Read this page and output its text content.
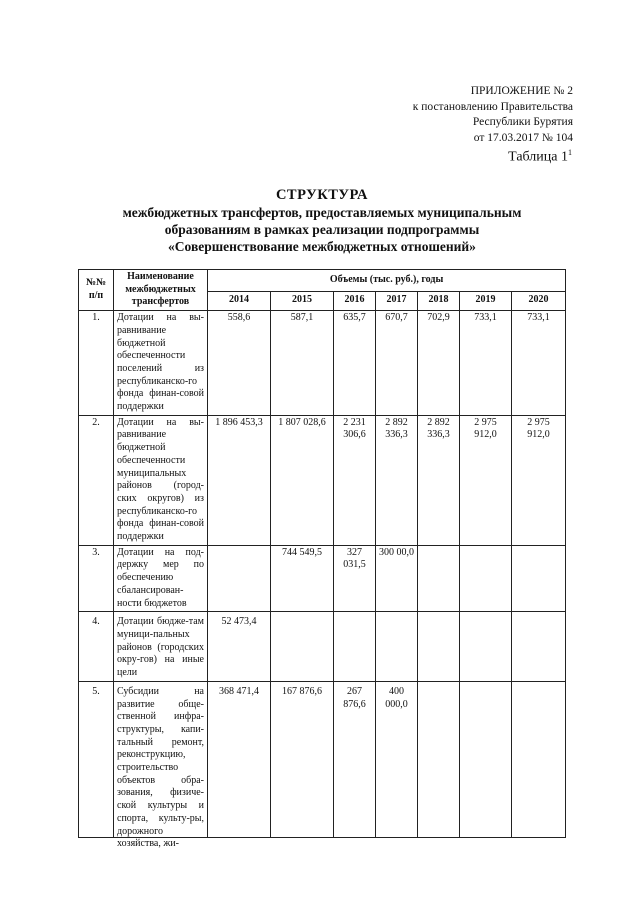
ПРИЛОЖЕНИЕ № 2
к постановлению Правительства
Республики Бурятия
от 17.03.2017 № 104
Таблица $1^1$
СТРУКТУРА
межбюджетных трансфертов, предоставляемых муниципальным
образованиям в рамках реализации подпрограммы
«Совершенствование межбюджетных отношений»
№№ п/п	Наименование межбюджетных трансфертов	Объемы (тыс. руб.), годы						
		2014	2015	2016	2017	2018	2019	2020
1.	Дотации на вы-равнивание бюджетной обеспеченности поселений из республиканско-го фонда финан-совой поддержки	558,6	587,1	635,7	670,7	702,9	733,1	733,1
2.	Дотации на вы-равнивание бюджетной обеспеченности муниципальных районов (город-ских округов) из республиканско-го фонда финан-совой поддержки	1 896 453,3	1 807 028,6	2 231 306,6	2 892 336,3	2 892 336,3	2 975 912,0	2 975 912,0
3.	Дотации на под-держку мер по обеспечению сбалансирован-ности бюджетов		744 549,5	327 031,5	300 00,0			
4.	Дотации бюдже-там муници-пальных районов (городских окру-гов) на иные цели	52 473,4						
5.	Субсидии на развитие обще-ственной инфра-структуры, капи-тальный ремонт, реконструкцию, строительство объектов обра-зования, физиче-ской культуры и спорта, культу-ры, дорожного хозяйства, жи-	368 471,4	167 876,6	267 876,6	400 000,0			
